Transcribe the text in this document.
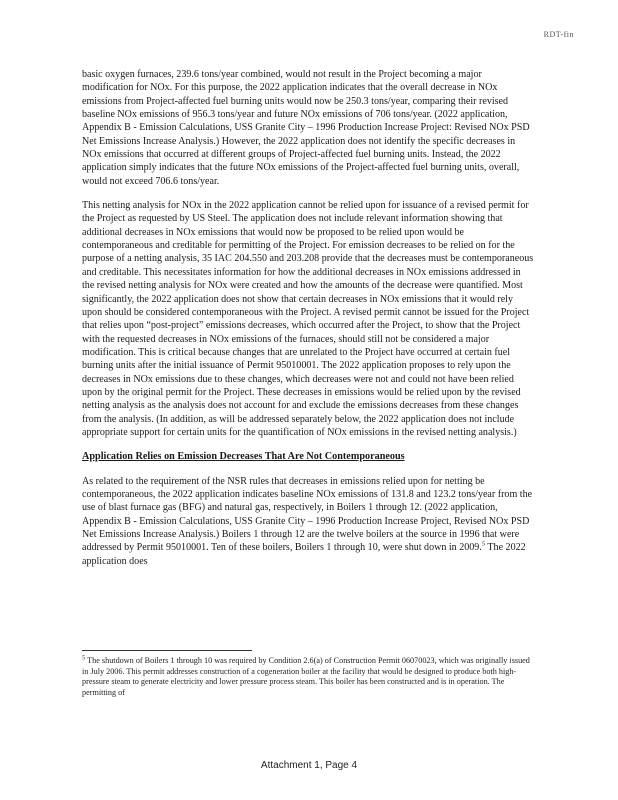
RDT-fin

basic oxygen furnaces, 239.6 tons/year combined, would not result in the Project becoming a major modification for NOx. For this purpose, the 2022 application indicates that the overall decrease in NOx emissions from Project-affected fuel burning units would now be 250.3 tons/year, comparing their revised baseline NOx emissions of 956.3 tons/year and future NOx emissions of 706 tons/year. (2022 application, Appendix B - Emission Calculations, USS Granite City – 1996 Production Increase Project: Revised NOx PSD Net Emissions Increase Analysis.) However, the 2022 application does not identify the specific decreases in NOx emissions that occurred at different groups of Project-affected fuel burning units. Instead, the 2022 application simply indicates that the future NOx emissions of the Project-affected fuel burning units, overall, would not exceed 706.6 tons/year.

This netting analysis for NOx in the 2022 application cannot be relied upon for issuance of a revised permit for the Project as requested by US Steel. The application does not include relevant information showing that additional decreases in NOx emissions that would now be proposed to be relied upon would be contemporaneous and creditable for permitting of the Project. For emission decreases to be relied on for the purpose of a netting analysis, 35 IAC 204.550 and 203.208 provide that the decreases must be contemporaneous and creditable. This necessitates information for how the additional decreases in NOx emissions addressed in the revised netting analysis for NOx were created and how the amounts of the decrease were quantified. Most significantly, the 2022 application does not show that certain decreases in NOx emissions that it would rely upon should be considered contemporaneous with the Project. A revised permit cannot be issued for the Project that relies upon “post-project” emissions decreases, which occurred after the Project, to show that the Project with the requested decreases in NOx emissions of the furnaces, should still not be considered a major modification. This is critical because changes that are unrelated to the Project have occurred at certain fuel burning units after the initial issuance of Permit 95010001. The 2022 application proposes to rely upon the decreases in NOx emissions due to these changes, which decreases were not and could not have been relied upon by the original permit for the Project. These decreases in emissions would be relied upon by the revised netting analysis as the analysis does not account for and exclude the emissions decreases from these changes from the analysis. (In addition, as will be addressed separately below, the 2022 application does not include appropriate support for certain units for the quantification of NOx emissions in the revised netting analysis.)

Application Relies on Emission Decreases That Are Not Contemporaneous

As related to the requirement of the NSR rules that decreases in emissions relied upon for netting be contemporaneous, the 2022 application indicates baseline NOx emissions of 131.8 and 123.2 tons/year from the use of blast furnace gas (BFG) and natural gas, respectively, in Boilers 1 through 12. (2022 application, Appendix B - Emission Calculations, USS Granite City – 1996 Production Increase Project, Revised NOx PSD Net Emissions Increase Analysis.) Boilers 1 through 12 are the twelve boilers at the source in 1996 that were addressed by Permit 95010001. Ten of these boilers, Boilers 1 through 10, were shut down in 2009.$^5$ The 2022 application does

$^5$ The shutdown of Boilers 1 through 10 was required by Condition 2.6(a) of Construction Permit 06070023, which was originally issued in July 2006. This permit addresses construction of a cogeneration boiler at the facility that would be designed to produce both high-pressure steam to generate electricity and lower pressure process steam. This boiler has been constructed and is in operation. The permitting of
Attachment 1, Page 4
